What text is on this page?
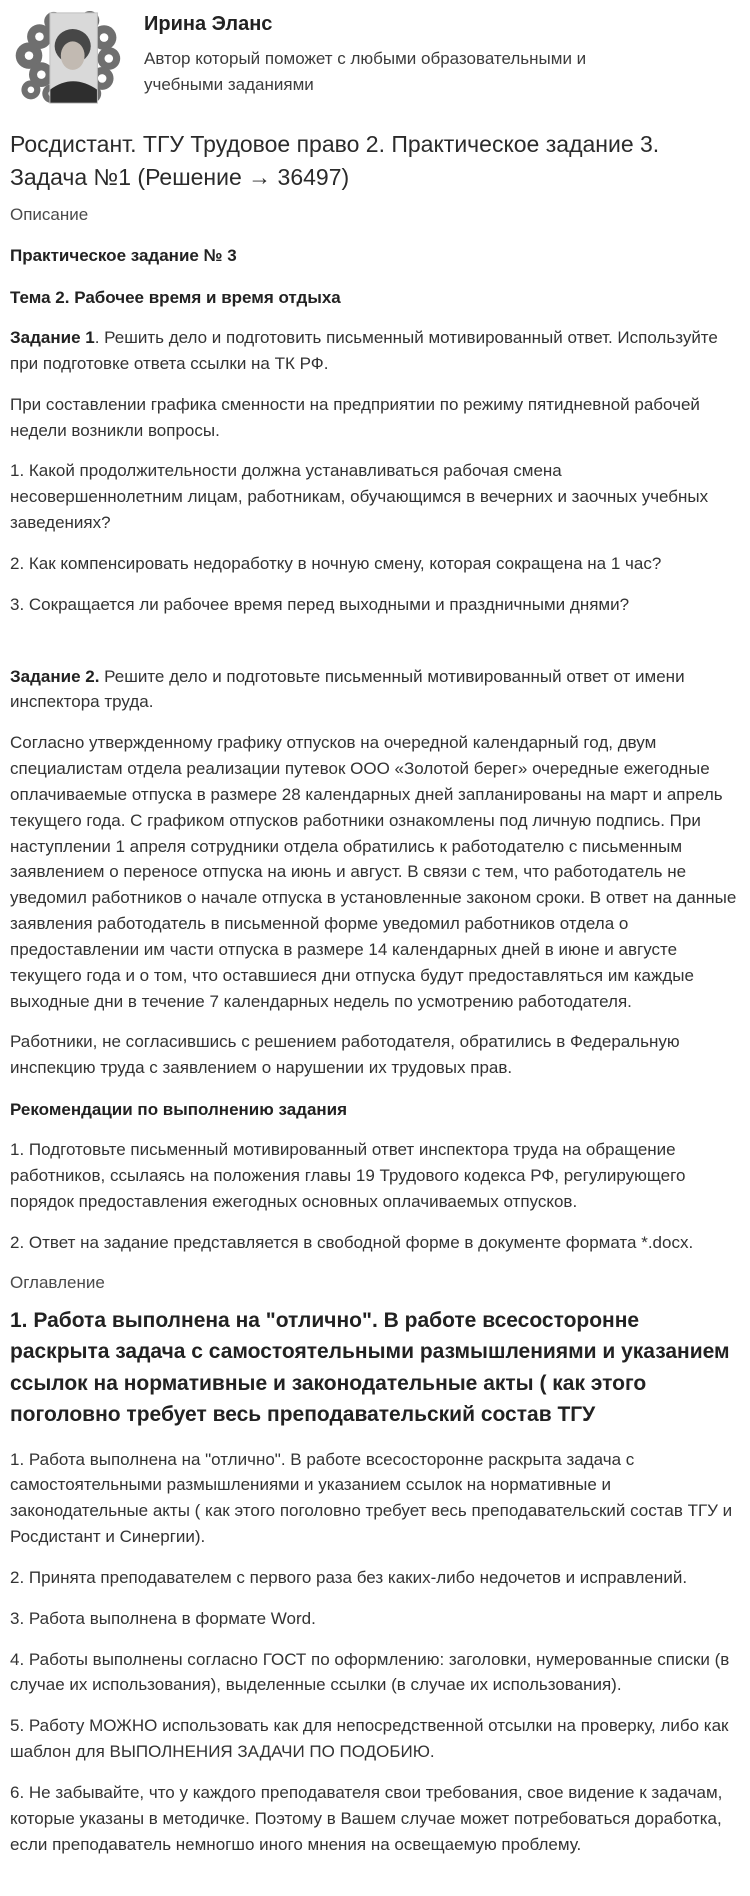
Ирина Эланс

Автор который поможет с любыми образовательными и учебными заданиями

Росдистант. ТГУ Трудовое право 2. Практическое задание 3. Задача №1 (Решение → 36497)
Описание
Практическое задание № 3
Тема 2. Рабочее время и время отдыха

Задание 1. Решить дело и подготовить письменный мотивированный ответ. Используйте при подготовке ответа ссылки на ТК РФ.

При составлении графика сменности на предприятии по режиму пятидневной рабочей недели возникли вопросы.

1. Какой продолжительности должна устанавливаться рабочая смена несовершеннолетним лицам, работникам, обучающимся в вечерних и заочных учебных заведениях?

2. Как компенсировать недоработку в ночную смену, которая сокращена на 1 час?

3. Сокращается ли рабочее время перед выходными и праздничными днями?

Задание 2. Решите дело и подготовьте письменный мотивированный ответ от имени инспектора труда.

Согласно утвержденному графику отпусков на очередной календарный год, двум специалистам отдела реализации путевок ООО «Золотой берег» очередные ежегодные оплачиваемые отпуска в размере 28 календарных дней запланированы на март и апрель текущего года. С графиком отпусков работники ознакомлены под личную подпись. При наступлении 1 апреля сотрудники отдела обратились к работодателю с письменным заявлением о переносе отпуска на июнь и август. В связи с тем, что работодатель не уведомил работников о начале отпуска в установленные законом сроки. В ответ на данные заявления работодатель в письменной форме уведомил работников отдела о предоставлении им части отпуска в размере 14 календарных дней в июне и августе текущего года и о том, что оставшиеся дни отпуска будут предоставляться им каждые выходные дни в течение 7 календарных недель по усмотрению работодателя.

Работники, не согласившись с решением работодателя, обратились в Федеральную инспекцию труда с заявлением о нарушении их трудовых прав.

Рекомендации по выполнению задания

1. Подготовьте письменный мотивированный ответ инспектора труда на обращение работников, ссылаясь на положения главы 19 Трудового кодекса РФ, регулирующего порядок предоставления ежегодных основных оплачиваемых отпусков.

2. Ответ на задание представляется в свободной форме в документе формата *.docx.

Оглавление
1. Работа выполнена на "отлично". В работе всесосторонне раскрыта задача с самостоятельными размышлениями и указанием ссылок на нормативные и законодательные акты ( как этого поголовно требует весь преподавательский состав ТГУ

1. Работа выполнена на "отлично". В работе всесосторонне раскрыта задача с самостоятельными размышлениями и указанием ссылок на нормативные и законодательные акты ( как этого поголовно требует весь преподавательский состав ТГУ и Росдистант и Синергии).

2. Принята преподавателем с первого раза без каких-либо недочетов и исправлений.

3. Работа выполнена в формате Word.

4. Работы выполнены согласно ГОСТ по оформлению: заголовки, нумерованные списки (в случае их использования), выделенные ссылки (в случае их использования).

5. Работу МОЖНО использовать как для непосредственной отсылки на проверку, либо как шаблон для ВЫПОЛНЕНИЯ ЗАДАЧИ ПО ПОДОБИЮ.

6. Не забывайте, что у каждого преподавателя свои требования, свое видение к задачам, которые указаны в методичке. Поэтому в Вашем случае может потребоваться доработка, если преподаватель немногшо иного мнения на освещаемую проблему.
